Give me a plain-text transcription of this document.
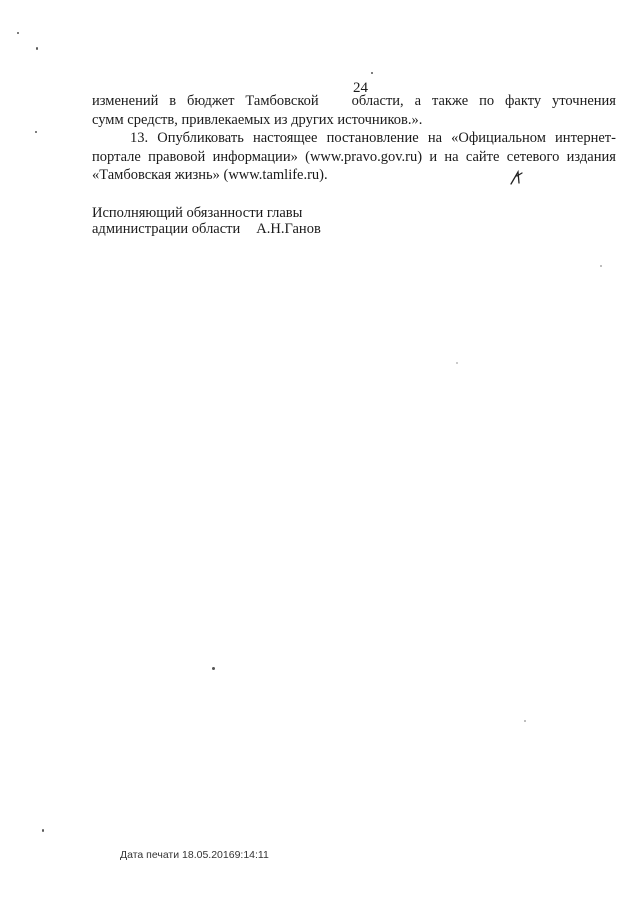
24

изменений в бюджет Тамбовской области, а также по факту уточнения
сумм средств, привлекаемых из других источников.».

13. Опубликовать настоящее постановление на «Официальном интернет-
портале правовой информации» (www.pravo.gov.ru) и на сайте сетевого издания
«Тамбовская жизнь» (www.tamlife.ru).

Исполняющий обязанности главы
администрации области А.Н.Ганов
Дата печати 18.05.20169:14:11
